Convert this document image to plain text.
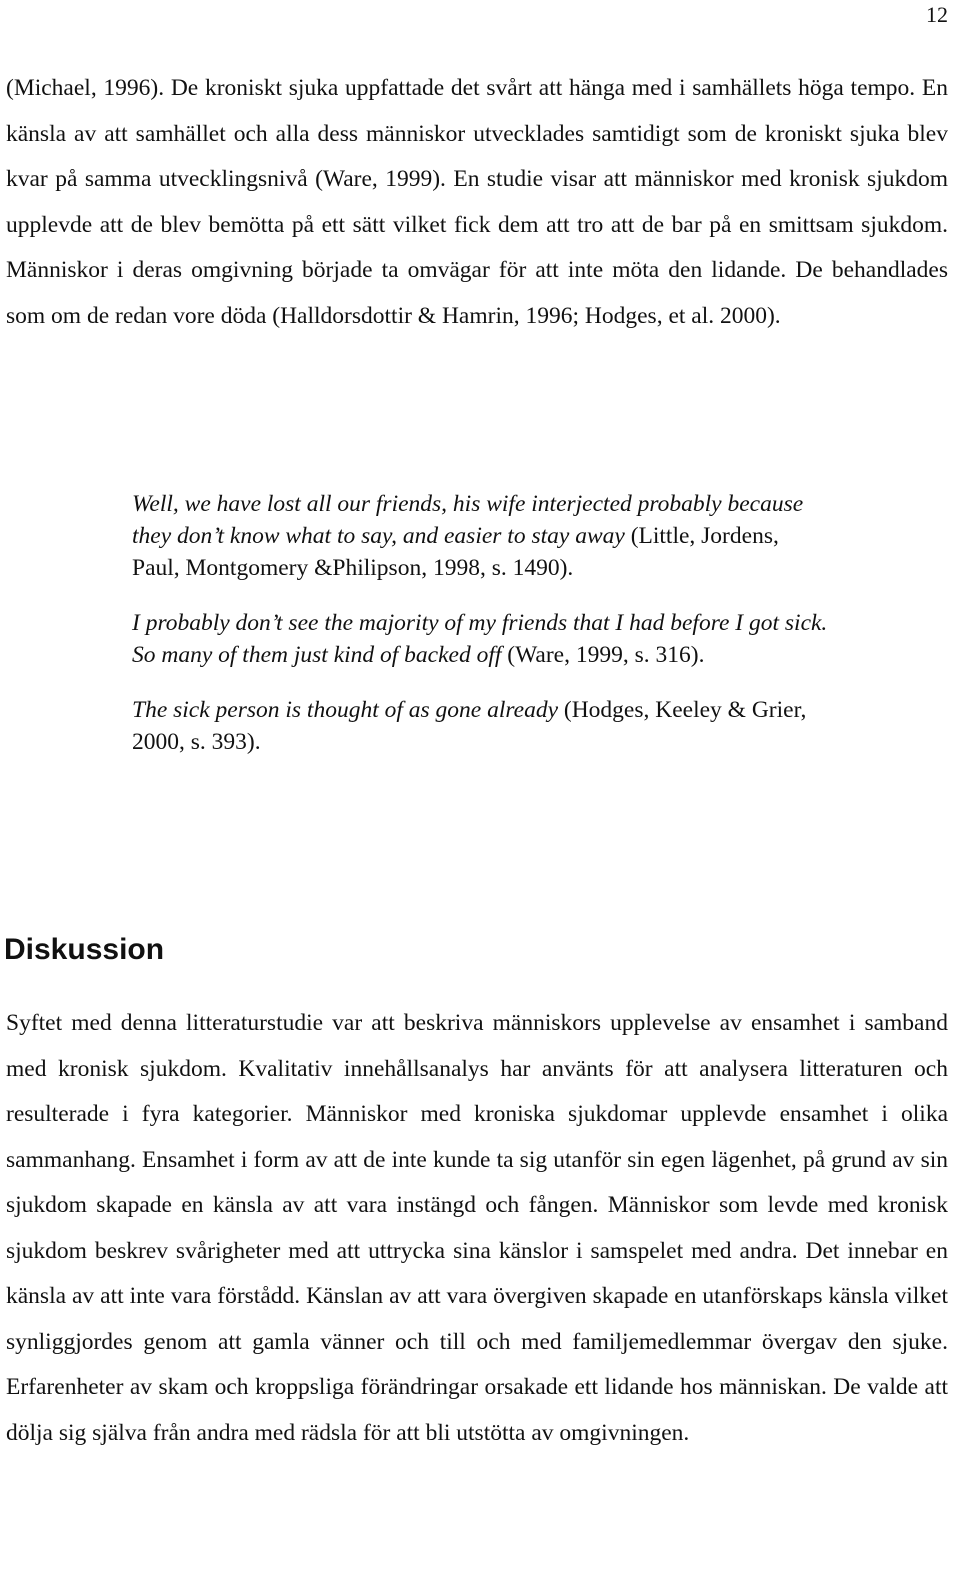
12

(Michael, 1996). De kroniskt sjuka uppfattade det svårt att hänga med i samhällets höga tempo. En känsla av att samhället och alla dess människor utvecklades samtidigt som de kroniskt sjuka blev kvar på samma utvecklingsnivå (Ware, 1999). En studie visar att människor med kronisk sjukdom upplevde att de blev bemötta på ett sätt vilket fick dem att tro att de bar på en smittsam sjukdom. Människor i deras omgivning började ta omvägar för att inte möta den lidande. De behandlades som om de redan vore döda (Halldorsdottir & Hamrin, 1996; Hodges, et al. 2000).

Well, we have lost all our friends, his wife interjected probably because they don’t know what to say, and easier to stay away (Little, Jordens, Paul, Montgomery &Philipson, 1998, s. 1490).

I probably don’t see the majority of my friends that I had before I got sick. So many of them just kind of backed off (Ware, 1999, s. 316).

The sick person is thought of as gone already (Hodges, Keeley & Grier, 2000, s. 393).

Diskussion

Syftet med denna litteraturstudie var att beskriva människors upplevelse av ensamhet i samband med kronisk sjukdom. Kvalitativ innehållsanalys har använts för att analysera litteraturen och resulterade i fyra kategorier. Människor med kroniska sjukdomar upplevde ensamhet i olika sammanhang. Ensamhet i form av att de inte kunde ta sig utanför sin egen lägenhet, på grund av sin sjukdom skapade en känsla av att vara instängd och fången. Människor som levde med kronisk sjukdom beskrev svårigheter med att uttrycka sina känslor i samspelet med andra. Det innebar en känsla av att inte vara förstådd. Känslan av att vara övergiven skapade en utanförskaps känsla vilket synliggjordes genom att gamla vänner och till och med familjemedlemmar övergav den sjuke. Erfarenheter av skam och kroppsliga förändringar orsakade ett lidande hos människan. De valde att dölja sig själva från andra med rädsla för att bli utstötta av omgivningen.
